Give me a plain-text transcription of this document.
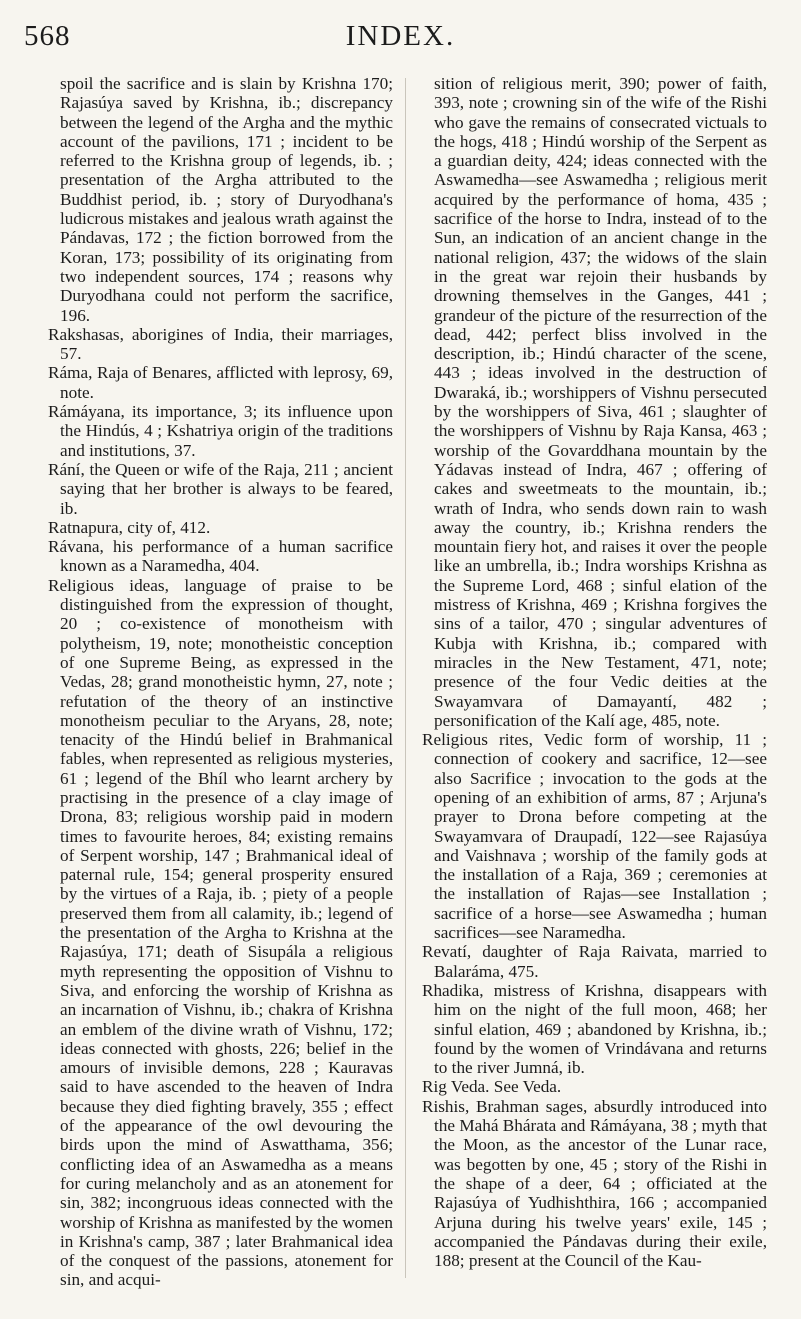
568	INDEX.

spoil the sacrifice and is slain by Krishna 170; Rajasúya saved by Krishna, ib.; discrepancy between the legend of the Argha and the mythic account of the pavilions, 171 ; incident to be referred to the Krishna group of legends, ib. ; presentation of the Argha attributed to the Buddhist period, ib. ; story of Duryodhana's ludicrous mistakes and jealous wrath against the Pándavas, 172 ; the fiction borrowed from the Koran, 173; possibility of its originating from two independent sources, 174 ; reasons why Duryodhana could not perform the sacrifice, 196.

Rakshasas, aborigines of India, their marriages, 57.

Ráma, Raja of Benares, afflicted with leprosy, 69, note.

Rámáyana, its importance, 3; its influence upon the Hindús, 4 ; Kshatriya origin of the traditions and institutions, 37.

Rání, the Queen or wife of the Raja, 211 ; ancient saying that her brother is always to be feared, ib.

Ratnapura, city of, 412.

Rávana, his performance of a human sacrifice known as a Naramedha, 404.

Religious ideas, language of praise to be distinguished from the expression of thought, 20 ; co-existence of monotheism with polytheism, 19, note; monotheistic conception of one Supreme Being, as expressed in the Vedas, 28; grand monotheistic hymn, 27, note ; refutation of the theory of an instinctive monotheism peculiar to the Aryans, 28, note; tenacity of the Hindú belief in Brahmanical fables, when represented as religious mysteries, 61 ; legend of the Bhíl who learnt archery by practising in the presence of a clay image of Drona, 83; religious worship paid in modern times to favourite heroes, 84; existing remains of Serpent worship, 147 ; Brahmanical ideal of paternal rule, 154; general prosperity ensured by the virtues of a Raja, ib. ; piety of a people preserved them from all calamity, ib.; legend of the presentation of the Argha to Krishna at the Rajasúya, 171; death of Sisupála a religious myth representing the opposition of Vishnu to Siva, and enforcing the worship of Krishna as an incarnation of Vishnu, ib.; chakra of Krishna an emblem of the divine wrath of Vishnu, 172; ideas connected with ghosts, 226; belief in the amours of invisible demons, 228 ; Kauravas said to have ascended to the heaven of Indra because they died fighting bravely, 355 ; effect of the appearance of the owl devouring the birds upon the mind of Aswatthama, 356; conflicting idea of an Aswamedha as a means for curing melancholy and as an atonement for sin, 382; incongruous ideas connected with the worship of Krishna as manifested by the women in Krishna's camp, 387 ; later Brahmanical idea of the conquest of the passions, atonement for sin, and acqui-

sition of religious merit, 390; power of faith, 393, note ; crowning sin of the wife of the Rishi who gave the remains of consecrated victuals to the hogs, 418 ; Hindú worship of the Serpent as a guardian deity, 424; ideas connected with the Aswamedha—see Aswamedha ; religious merit acquired by the performance of homa, 435 ; sacrifice of the horse to Indra, instead of to the Sun, an indication of an ancient change in the national religion, 437; the widows of the slain in the great war rejoin their husbands by drowning themselves in the Ganges, 441 ; grandeur of the picture of the resurrection of the dead, 442; perfect bliss involved in the description, ib.; Hindú character of the scene, 443 ; ideas involved in the destruction of Dwaraká, ib.; worshippers of Vishnu persecuted by the worshippers of Siva, 461 ; slaughter of the worshippers of Vishnu by Raja Kansa, 463 ; worship of the Govarddhana mountain by the Yádavas instead of Indra, 467 ; offering of cakes and sweetmeats to the mountain, ib.; wrath of Indra, who sends down rain to wash away the country, ib.; Krishna renders the mountain fiery hot, and raises it over the people like an umbrella, ib.; Indra worships Krishna as the Supreme Lord, 468 ; sinful elation of the mistress of Krishna, 469 ; Krishna forgives the sins of a tailor, 470 ; singular adventures of Kubja with Krishna, ib.; compared with miracles in the New Testament, 471, note; presence of the four Vedic deities at the Swayamvara of Damayantí, 482 ; personification of the Kalí age, 485, note.

Religious rites, Vedic form of worship, 11 ; connection of cookery and sacrifice, 12—see also Sacrifice ; invocation to the gods at the opening of an exhibition of arms, 87 ; Arjuna's prayer to Drona before competing at the Swayamvara of Draupadí, 122—see Rajasúya and Vaishnava ; worship of the family gods at the installation of a Raja, 369 ; ceremonies at the installation of Rajas—see Installation ; sacrifice of a horse—see Aswamedha ; human sacrifices—see Naramedha.

Revatí, daughter of Raja Raivata, married to Balaráma, 475.

Rhadika, mistress of Krishna, disappears with him on the night of the full moon, 468; her sinful elation, 469 ; abandoned by Krishna, ib.; found by the women of Vrindávana and returns to the river Jumná, ib.

Rig Veda. See Veda.

Rishis, Brahman sages, absurdly introduced into the Mahá Bhárata and Rámáyana, 38 ; myth that the Moon, as the ancestor of the Lunar race, was begotten by one, 45 ; story of the Rishi in the shape of a deer, 64 ; officiated at the Rajasúya of Yudhishthira, 166 ; accompanied Arjuna during his twelve years' exile, 145 ; accompanied the Pándavas during their exile, 188; present at the Council of the Kau-
